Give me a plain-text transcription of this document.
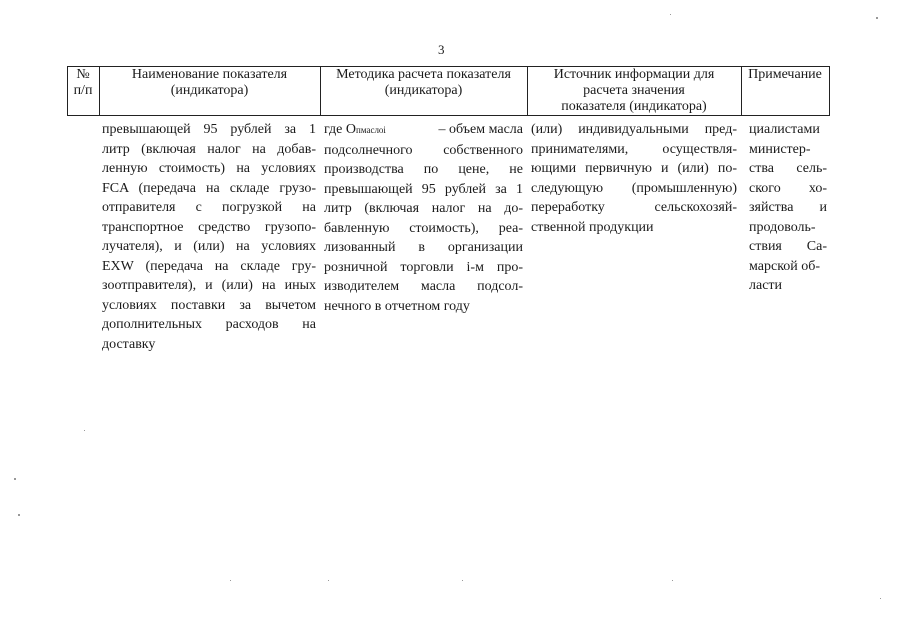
3
№
п/п
Наименование показателя
(индикатора)
Методика расчета показателя
(индикатора)
Источник информации для
расчета значения
показателя (индикатора)
Примечание
превышающей 95 рублей за 1
литр (включая налог на добав-
ленную стоимость) на условиях
FCA (передача на складе грузо-
отправителя с погрузкой на
транспортное средство грузопо-
лучателя), и (или) на условиях
EXW (передача на складе гру-
зоотправителя), и (или) на иных
условиях поставки за вычетом
дополнительных расходов на
доставку
где Опмаслоі	– объем масла
подсолнечного собственного
производства по цене, не
превышающей 95 рублей за 1
литр (включая налог на до-
бавленную стоимость), реа-
лизованный в организации
розничной торговли і-м про-
изводителем масла подсол-
нечного в отчетном году
(или) индивидуальными пред-
принимателями, осуществля-
ющими первичную и (или) по-
следующую (промышленную)
переработку сельскохозяй-
ственной продукции
циалистами
министер-
ства сель-
ского хо-
зяйства и
продоволь-
ствия Са-
марской об-
ласти
